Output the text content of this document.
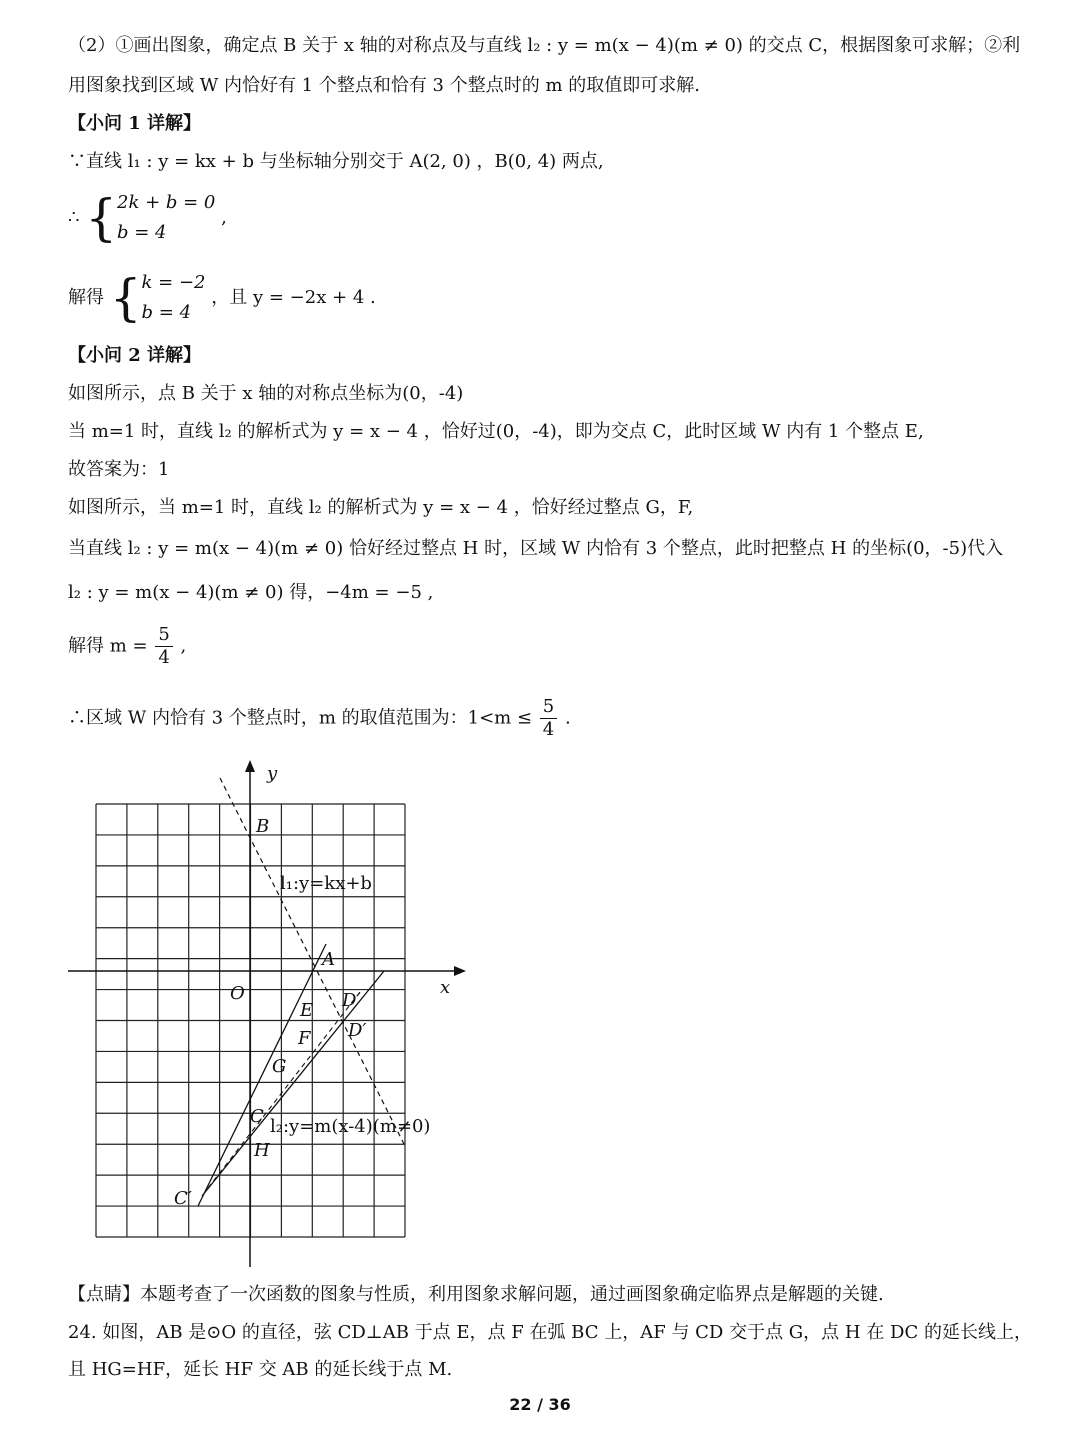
（2）①画出图象，确定点 B 关于 x 轴的对称点及与直线 l₂ : y = m(x − 4)(m ≠ 0) 的交点 C，根据图象可求解；②利
用图象找到区域 W 内恰好有 1 个整点和恰有 3 个整点时的 m 的取值即可求解.
【小问 1 详解】
∵直线 l₁ : y = kx + b 与坐标轴分别交于 A(2, 0) ，B(0, 4) 两点,
∴ { 2k + b = 0
b = 4
,
解得 { k = −2
b = 4
，且 y = −2x + 4 .
【小问 2 详解】
如图所示，点 B 关于 x 轴的对称点坐标为(0，-4)
当 m=1 时，直线 l₂ 的解析式为 y = x − 4 ，恰好过(0，-4)，即为交点 C，此时区域 W 内有 1 个整点 E,
故答案为：1
如图所示，当 m=1 时，直线 l₂ 的解析式为 y = x − 4 ，恰好经过整点 G，F,
当直线 l₂ : y = m(x − 4)(m ≠ 0) 恰好经过整点 H 时，区域 W 内恰有 3 个整点，此时把整点 H 的坐标(0，-5)代入
l₂ : y = m(x − 4)(m ≠ 0) 得，−4m = −5 ,
解得 $m = \frac{5}{4}$ ,
∴区域 W 内恰有 3 个整点时，m 的取值范围为：$1<m \le \frac{5}{4}$ .
y
x
O
B
l₁:y=kx+b
A
D′
E
D′
F
G
C l₂:y=m(x-4)(m≠0)
H
C′
【点睛】本题考查了一次函数的图象与性质，利用图象求解问题，通过画图象确定临界点是解题的关键.
24. 如图，AB 是⊙O 的直径，弦 CD⊥AB 于点 E，点 F 在弧 BC 上，AF 与 CD 交于点 G，点 H 在 DC 的延长线上，
且 HG=HF，延长 HF 交 AB 的延长线于点 M.
22 / 36
